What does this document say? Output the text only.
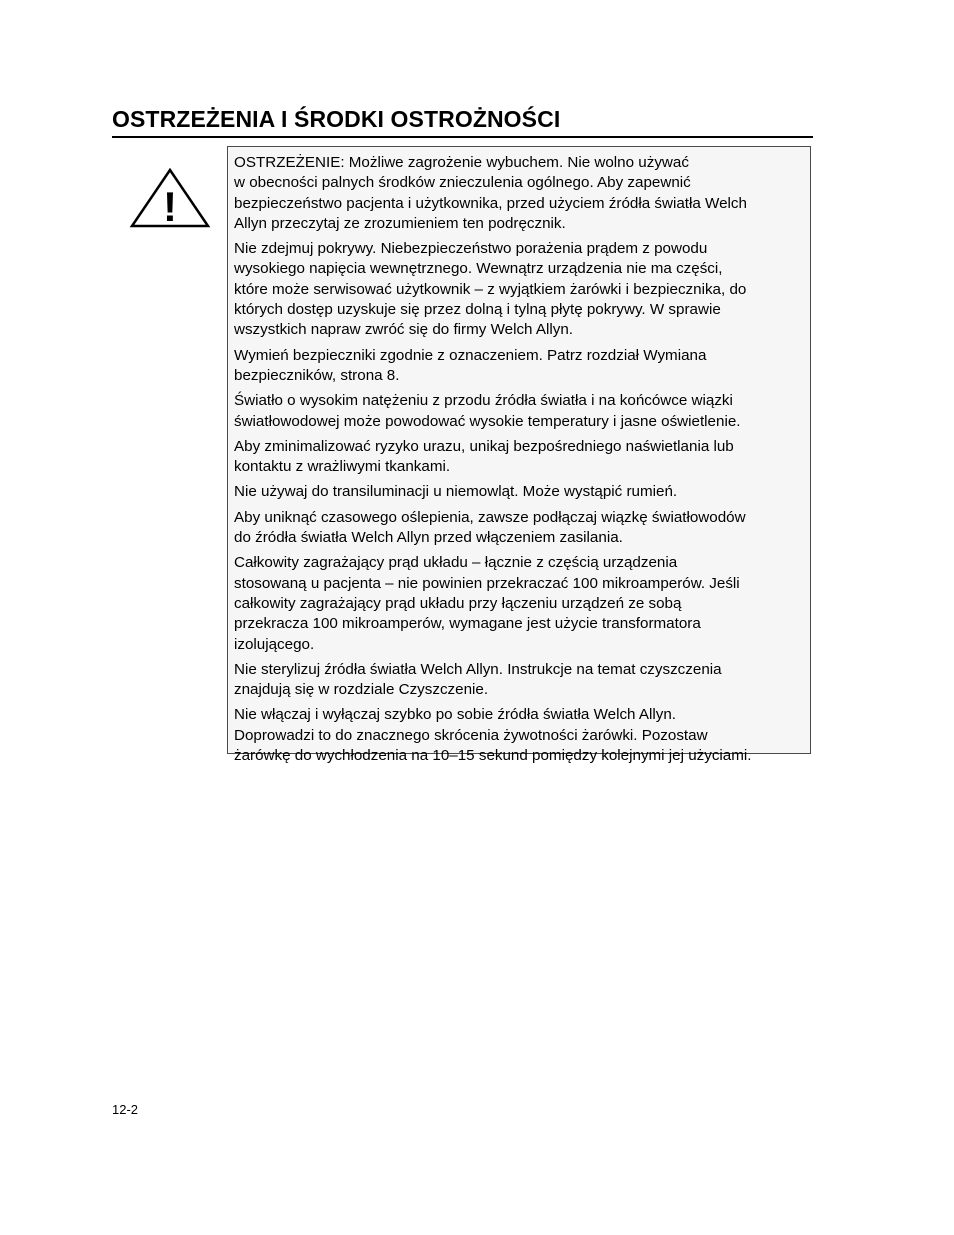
OSTRZEŻENIA I ŚRODKI OSTROŻNOŚCI
!

OSTRZEŻENIE: Możliwe zagrożenie wybuchem. Nie wolno używać
w obecności palnych środków znieczulenia ogólnego. Aby zapewnić
bezpieczeństwo pacjenta i użytkownika, przed użyciem źródła światła Welch
Allyn przeczytaj ze zrozumieniem ten podręcznik.

Nie zdejmuj pokrywy. Niebezpieczeństwo porażenia prądem z powodu
wysokiego napięcia wewnętrznego. Wewnątrz urządzenia nie ma części,
które może serwisować użytkownik – z wyjątkiem żarówki i bezpiecznika, do
których dostęp uzyskuje się przez dolną i tylną płytę pokrywy. W sprawie
wszystkich napraw zwróć się do firmy Welch Allyn.

Wymień bezpieczniki zgodnie z oznaczeniem. Patrz rozdział Wymiana
bezpieczników, strona 8.

Światło o wysokim natężeniu z przodu źródła światła i na końcówce wiązki
światłowodowej może powodować wysokie temperatury i jasne oświetlenie.

Aby zminimalizować ryzyko urazu, unikaj bezpośredniego naświetlania lub
kontaktu z wrażliwymi tkankami.

Nie używaj do transiluminacji u niemowląt. Może wystąpić rumień.

Aby uniknąć czasowego oślepienia, zawsze podłączaj wiązkę światłowodów
do źródła światła Welch Allyn przed włączeniem zasilania.

Całkowity zagrażający prąd układu – łącznie z częścią urządzenia
stosowaną u pacjenta – nie powinien przekraczać 100 mikroamperów. Jeśli
całkowity zagrażający prąd układu przy łączeniu urządzeń ze sobą
przekracza 100 mikroamperów, wymagane jest użycie transformatora
izolującego.

Nie sterylizuj źródła światła Welch Allyn. Instrukcje na temat czyszczenia
znajdują się w rozdziale Czyszczenie.

Nie włączaj i wyłączaj szybko po sobie źródła światła Welch Allyn.
Doprowadzi to do znacznego skrócenia żywotności żarówki. Pozostaw
żarówkę do wychłodzenia na 10–15 sekund pomiędzy kolejnymi jej użyciami.

12-2
